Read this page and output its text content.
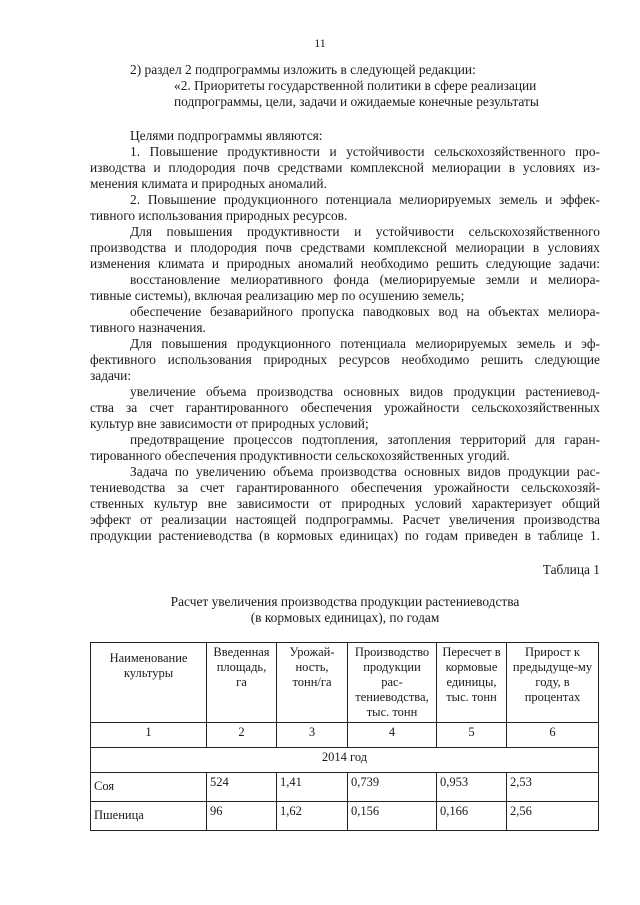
11
2) раздел 2 подпрограммы изложить в следующей редакции:
«2. Приоритеты государственной политики в сфере реализации
подпрограммы, цели, задачи и ожидаемые конечные результаты
Целями подпрограммы являются:
1. Повышение продуктивности и устойчивости сельскохозяйственного про-
изводства и плодородия почв средствами комплексной мелиорации в условиях из-
менения климата и природных аномалий.
2. Повышение продукционного потенциала мелиорируемых земель и эффек-
тивного использования природных ресурсов.
Для повышения продуктивности и устойчивости сельскохозяйственного
производства и плодородия почв средствами комплексной мелиорации в условиях
изменения климата и природных аномалий необходимо решить следующие задачи:
восстановление мелиоративного фонда (мелиорируемые земли и мелиора-
тивные системы), включая реализацию мер по осушению земель;
обеспечение безаварийного пропуска паводковых вод на объектах мелиора-
тивного назначения.
Для повышения продукционного потенциала мелиорируемых земель и эф-
фективного использования природных ресурсов необходимо решить следующие
задачи:
увеличение объема производства основных видов продукции растениевод-
ства за счет гарантированного обеспечения урожайности сельскохозяйственных
культур вне зависимости от природных условий;
предотвращение процессов подтопления, затопления территорий для гаран-
тированного обеспечения продуктивности сельскохозяйственных угодий.
Задача по увеличению объема производства основных видов продукции рас-
тениеводства за счет гарантированного обеспечения урожайности сельскохозяй-
ственных культур вне зависимости от природных условий характеризует общий
эффект от реализации настоящей подпрограммы. Расчет увеличения производства
продукции растениеводства (в кормовых единицах) по годам приведен в таблице 1.
Таблица 1
Расчет увеличения производства продукции растениеводства
(в кормовых единицах), по годам
Наименование культуры	Введенная площадь, га	Урожай-ность, тонн/га	Производство продукции рас-тениеводства, тыс. тонн	Пересчет в кормовые единицы, тыс. тонн	Прирост к предыдуще-му году, в процентах
1	2	3	4	5	6
2014 год					
Соя	524	1,41	0,739	0,953	2,53
Пшеница	96	1,62	0,156	0,166	2,56
